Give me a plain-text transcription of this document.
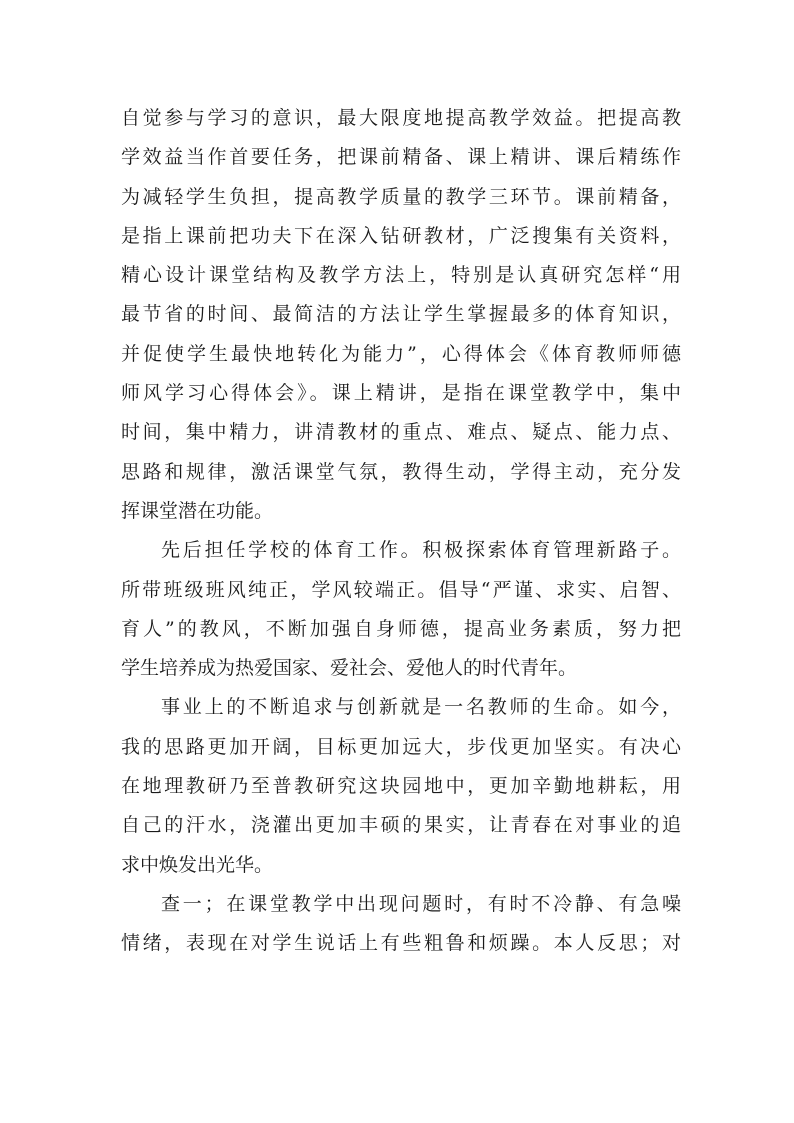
自觉参与学习的意识，最大限度地提高教学效益。把提高教
学效益当作首要任务，把课前精备、课上精讲、课后精练作
为减轻学生负担，提高教学质量的教学三环节。课前精备，
是指上课前把功夫下在深入钻研教材，广泛搜集有关资料，
精心设计课堂结构及教学方法上，特别是认真研究怎样“用
最节省的时间、最简洁的方法让学生掌握最多的体育知识，
并促使学生最快地转化为能力”，心得体会《体育教师师德
师风学习心得体会》。课上精讲，是指在课堂教学中，集中
时间，集中精力，讲清教材的重点、难点、疑点、能力点、
思路和规律，激活课堂气氛，教得生动，学得主动，充分发
挥课堂潜在功能。
先后担任学校的体育工作。积极探索体育管理新路子。
所带班级班风纯正，学风较端正。倡导“严谨、求实、启智、
育人”的教风，不断加强自身师德，提高业务素质，努力把
学生培养成为热爱国家、爱社会、爱他人的时代青年。
事业上的不断追求与创新就是一名教师的生命。如今，
我的思路更加开阔，目标更加远大，步伐更加坚实。有决心
在地理教研乃至普教研究这块园地中，更加辛勤地耕耘，用
自己的汗水，浇灌出更加丰硕的果实，让青春在对事业的追
求中焕发出光华。
查一；在课堂教学中出现问题时，有时不冷静、有急噪
情绪，表现在对学生说话上有些粗鲁和烦躁。本人反思；对
